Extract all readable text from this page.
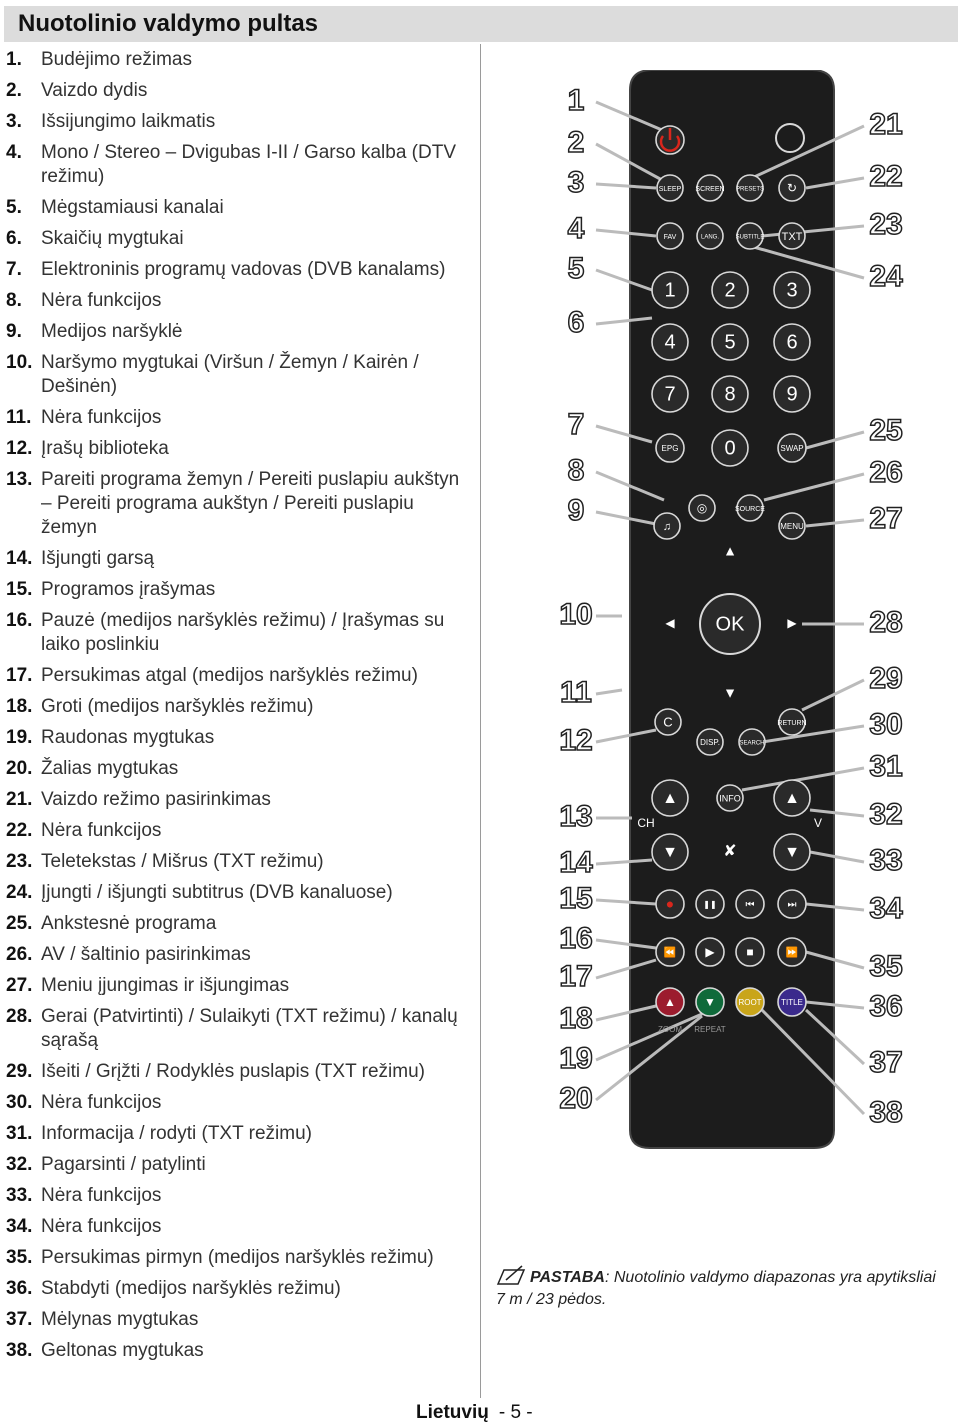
Nuotolinio valdymo pultas
1.	Budėjimo režimas
2.	Vaizdo dydis
3.	Išsijungimo laikmatis
4.	Mono / Stereo – Dvigubas I-II / Garso kalba (DTV režimu)
5.	Mėgstamiausi kanalai
6.	Skaičių mygtukai
7.	Elektroninis programų vadovas (DVB kanalams)
8.	Nėra funkcijos
9.	Medijos naršyklė
10. Naršymo mygtukai (Viršun / Žemyn / Kairėn / Dešinėn)
11. Nėra funkcijos
12. Įrašų biblioteka
13. Pareiti programa žemyn / Pereiti puslapiu aukštyn – Pereiti programa aukštyn / Pereiti puslapiu žemyn
14. Išjungti garsą
15. Programos įrašymas
16. Pauzė (medijos naršyklės režimu) / Įrašymas su laiko poslinkiu
17. Persukimas atgal (medijos naršyklės režimu)
18. Groti (medijos naršyklės režimu)
19. Raudonas mygtukas
20. Žalias mygtukas
21. Vaizdo režimo pasirinkimas
22. Nėra funkcijos
23. Teletekstas / Mišrus (TXT režimu)
24. Įjungti / išjungti subtitrus (DVB kanaluose)
25. Ankstesnė programa
26. AV / šaltinio pasirinkimas
27. Meniu įjungimas ir išjungimas
28. Gerai (Patvirtinti) / Sulaikyti (TXT režimu) / kanalų sąrašą
29. Išeiti / Grįžti / Rodyklės puslapis (TXT režimu)
30. Nėra funkcijos
31. Informacija / rodyti (TXT režimu)
32. Pagarsinti / patylinti
33. Nėra funkcijos
34. Nėra funkcijos
35. Persukimas pirmyn (medijos naršyklės režimu)
36. Stabdyti (medijos naršyklės režimu)
37. Mėlynas mygtukas
38. Geltonas mygtukas
PASTABA: Nuotolinio valdymo diapazonas yra apytiksliai 7 m / 23 pėdos.
Lietuvių - 5 -
SLEEP SCREEN PRESETS ↻
FAV	LANG.	SUBTITLE TXT
1 2	3
4 5	6
7 8	9
EPG 0	SWAP
◎	SOURCE
♫	MENU
▲
◀	▶
▼
OK
C	RETURN
DISP.	SEARCH
INFO
CH	V
▲	▲
▼	▼
✘
●	❚❚	⏮	⏭
⏪ ▶	■	⏩
▲ ▼	ROOT TITLE
ZOOM REPEAT
1
2
3
4
5
6
7
8
9
10
11
12
13
14
15
16
17
18
19
20
21
22
23
24
25
26
27
28
29
30
31
32
33
34
35
36
37
38
